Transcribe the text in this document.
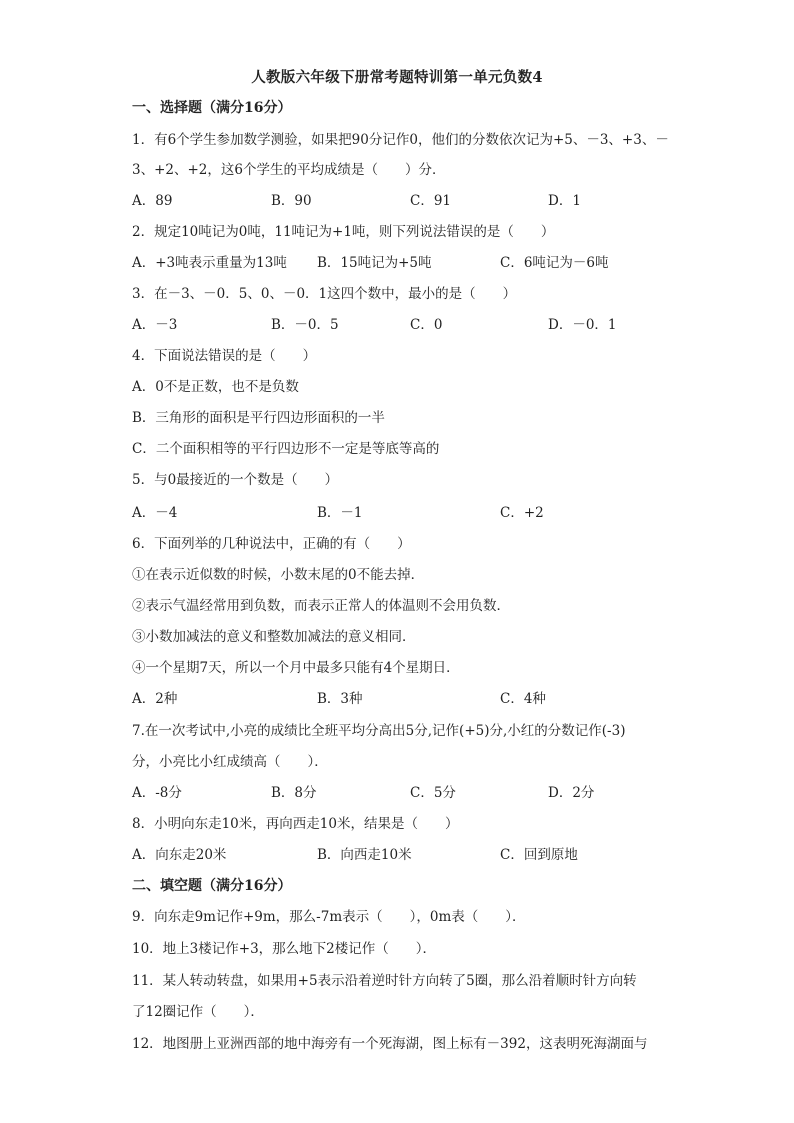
人教版六年级下册常考题特训第一单元负数4
一、选择题（满分16分）
1．有6个学生参加数学测验，如果把90分记作0，他们的分数依次记为+5、－3、+3、－
3、+2、+2，这6个学生的平均成绩是（　　）分．
A．89	B．90	C．91	D．1
2．规定10吨记为0吨，11吨记为+1吨，则下列说法错误的是（　　）
A．+3吨表示重量为13吨 B．15吨记为+5吨	C．6吨记为－6吨
3．在－3、－0．5、0、－0．1这四个数中，最小的是（　　）
A．－3	B．－0．5	C．0	D．－0．1
4．下面说法错误的是（　　）
A．0不是正数，也不是负数
B．三角形的面积是平行四边形面积的一半
C．二个面积相等的平行四边形不一定是等底等高的
5．与0最接近的一个数是（　　）
A．－4	B．－1	C．+2
6．下面列举的几种说法中，正确的有（　　）
①在表示近似数的时候，小数末尾的0不能去掉．
②表示气温经常用到负数，而表示正常人的体温则不会用负数．
③小数加减法的意义和整数加减法的意义相同．
④一个星期7天，所以一个月中最多只能有4个星期日．
A．2种	B．3种	C．4种
7.在一次考试中,小亮的成绩比全班平均分高出5分,记作(+5)分,小红的分数记作(-3)
分，小亮比小红成绩高（　　）．
A．-8分	B．8分	C．5分	D．2分
8．小明向东走10米，再向西走10米，结果是（　　）
A．向东走20米	B．向西走10米	C．回到原地
二、填空题（满分16分）
9．向东走9m记作+9m，那么-7m表示（　　），0m表（　　）．
10．地上3楼记作+3，那么地下2楼记作（　　）．
11．某人转动转盘，如果用+5表示沿着逆时针方向转了5圈，那么沿着顺时针方向转
了12圈记作（　　）．
12．地图册上亚洲西部的地中海旁有一个死海湖，图上标有－392，这表明死海湖面与
